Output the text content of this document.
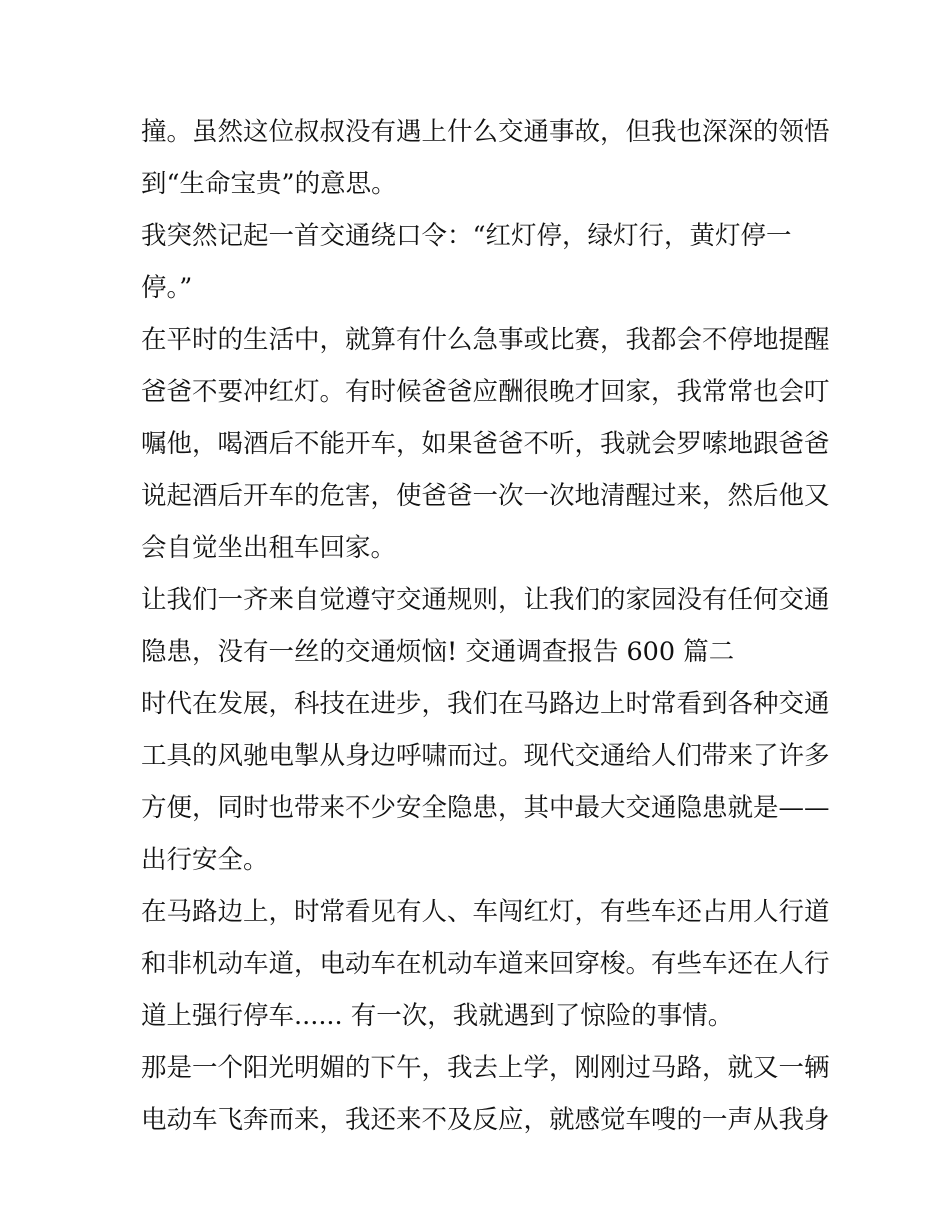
撞。虽然这位叔叔没有遇上什么交通事故，但我也深深的领悟
到“生命宝贵”的意思。

我突然记起一首交通绕口令：“红灯停，绿灯行，黄灯停一
停。”

在平时的生活中，就算有什么急事或比赛，我都会不停地提醒
爸爸不要冲红灯。有时候爸爸应酬很晚才回家，我常常也会叮
嘱他，喝酒后不能开车，如果爸爸不听，我就会罗嗦地跟爸爸
说起酒后开车的危害，使爸爸一次一次地清醒过来，然后他又
会自觉坐出租车回家。

让我们一齐来自觉遵守交通规则，让我们的家园没有任何交通
隐患，没有一丝的交通烦恼! 交通调查报告 600 篇二

时代在发展，科技在进步，我们在马路边上时常看到各种交通
工具的风驰电掣从身边呼啸而过。现代交通给人们带来了许多
方便，同时也带来不少安全隐患，其中最大交通隐患就是——
出行安全。

在马路边上，时常看见有人、车闯红灯，有些车还占用人行道
和非机动车道，电动车在机动车道来回穿梭。有些车还在人行
道上强行停车...... 有一次，我就遇到了惊险的事情。

那是一个阳光明媚的下午，我去上学，刚刚过马路，就又一辆
电动车飞奔而来，我还来不及反应，就感觉车嗖的一声从我身
